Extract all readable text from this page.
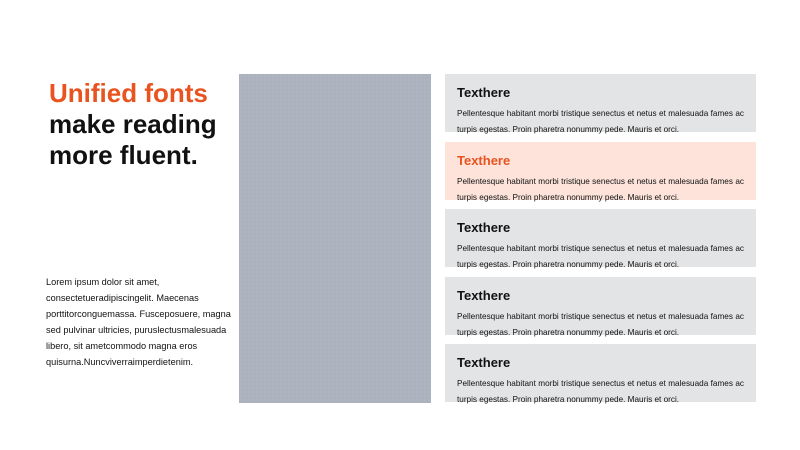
Unified fonts
make reading more fluent.

Lorem ipsum dolor sit amet, consectetueradipiscingelit. Maecenas porttitorconguemassa. Fusceposuere, magna sed pulvinar ultricies, puruslectusmalesuada libero, sit ametcommodo magna eros quisurna.Nuncviverraimperdietenim.

Texthere

Pellentesque habitant morbi tristique senectus et netus et malesuada fames ac turpis egestas. Proin pharetra nonummy pede. Mauris et orci.

Texthere

Pellentesque habitant morbi tristique senectus et netus et malesuada fames ac turpis egestas. Proin pharetra nonummy pede. Mauris et orci.

Texthere

Pellentesque habitant morbi tristique senectus et netus et malesuada fames ac turpis egestas. Proin pharetra nonummy pede. Mauris et orci.

Texthere

Pellentesque habitant morbi tristique senectus et netus et malesuada fames ac turpis egestas. Proin pharetra nonummy pede. Mauris et orci.

Texthere

Pellentesque habitant morbi tristique senectus et netus et malesuada fames ac turpis egestas. Proin pharetra nonummy pede. Mauris et orci.
